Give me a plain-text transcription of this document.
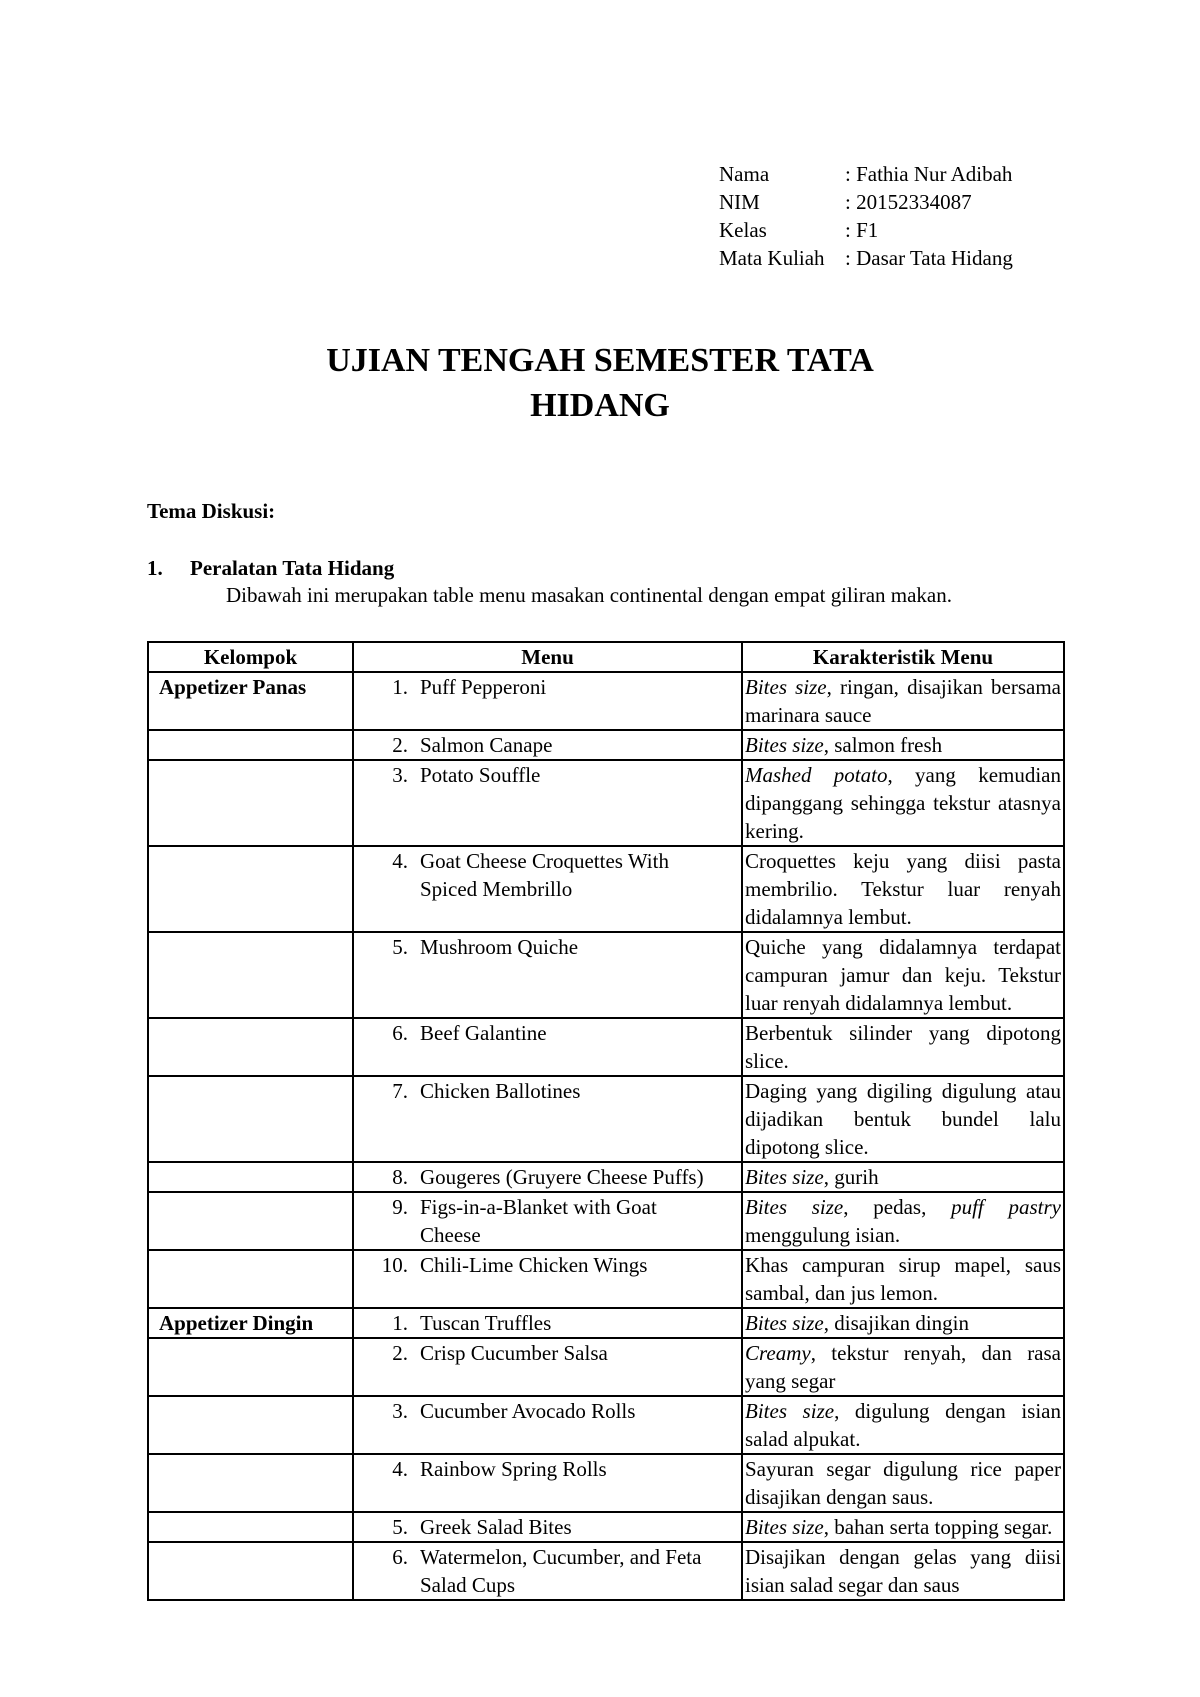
Nama	: Fathia Nur Adibah
NIM	: 20152334087
Kelas	: F1
Mata Kuliah	: Dasar Tata Hidang
UJIAN TENGAH SEMESTER TATA
HIDANG
Tema Diskusi:
1. Peralatan Tata Hidang
Dibawah ini merupakan table menu masakan continental dengan empat giliran makan.
Kelompok	Menu	Karakteristik Menu
Appetizer Panas	1. Puff Pepperoni	Bites size, ringan, disajikan bersama marinara sauce
	2. Salmon Canape	Bites size, salmon fresh
	3. Potato Souffle	Mashed potato, yang kemudian dipanggang sehingga tekstur atasnya kering.
	4. Goat Cheese Croquettes With Spiced Membrillo	Croquettes keju yang diisi pasta membrilio. Tekstur luar renyah didalamnya lembut.
	5. Mushroom Quiche	Quiche yang didalamnya terdapat campuran jamur dan keju. Tekstur luar renyah didalamnya lembut.
	6. Beef Galantine	Berbentuk silinder yang dipotong slice.
	7. Chicken Ballotines	Daging yang digiling digulung atau dijadikan bentuk bundel lalu dipotong slice.
	8. Gougeres (Gruyere Cheese Puffs)	Bites size, gurih
	9. Figs-in-a-Blanket with Goat Cheese	Bites size, pedas, puff pastry menggulung isian.
	10. Chili-Lime Chicken Wings	Khas campuran sirup mapel, saus sambal, dan jus lemon.
Appetizer Dingin	1. Tuscan Truffles	Bites size, disajikan dingin
	2. Crisp Cucumber Salsa	Creamy, tekstur renyah, dan rasa yang segar
	3. Cucumber Avocado Rolls	Bites size, digulung dengan isian salad alpukat.
	4. Rainbow Spring Rolls	Sayuran segar digulung rice paper disajikan dengan saus.
	5. Greek Salad Bites	Bites size, bahan serta topping segar.
	6. Watermelon, Cucumber, and Feta Salad Cups	Disajikan dengan gelas yang diisi isian salad segar dan saus
